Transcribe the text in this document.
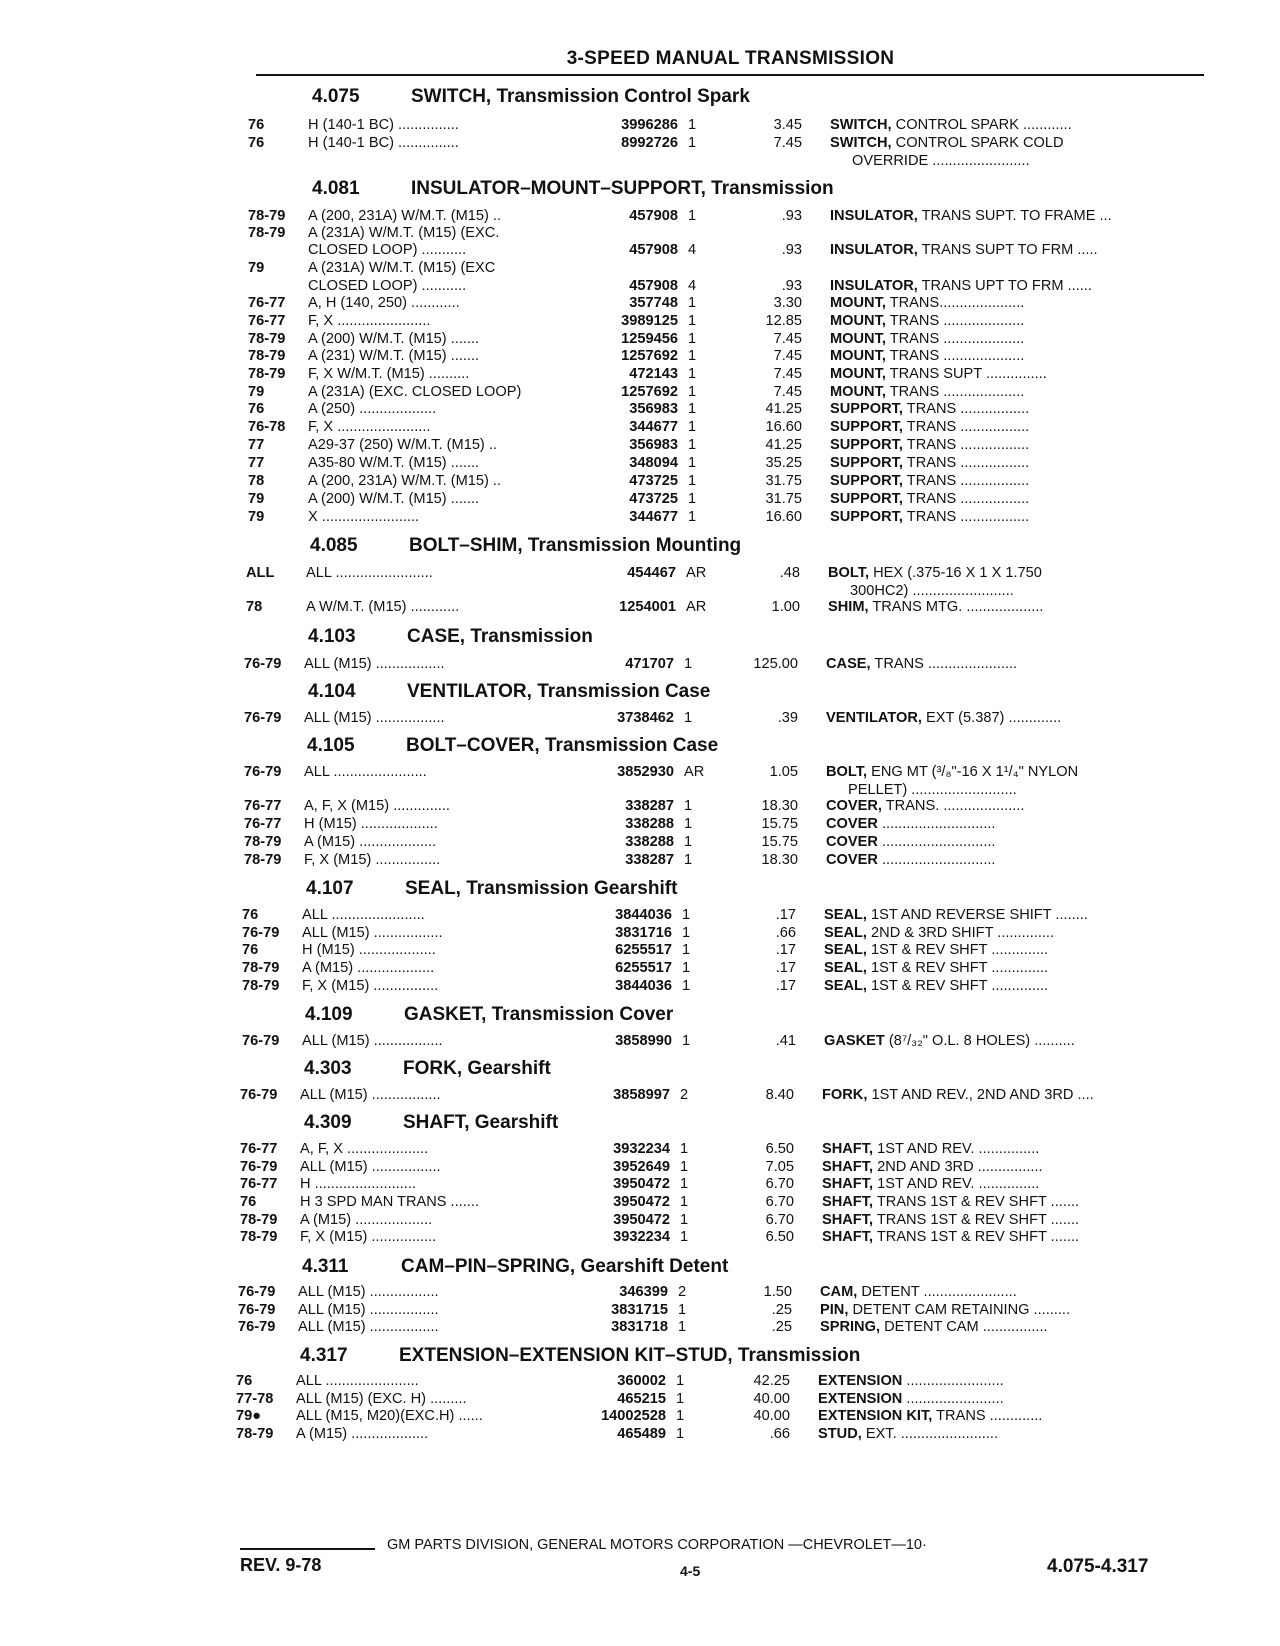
3-SPEED MANUAL TRANSMISSION
4.075	SWITCH, Transmission Control Spark
76	H (140-1 BC) ...............	3996286 1	3.45 SWITCH, CONTROL SPARK ............
76	H (140-1 BC) ...............	8992726 1	7.45 SWITCH, CONTROL SPARK COLD
OVERRIDE ........................
4.081	INSULATOR–MOUNT–SUPPORT, Transmission
78-79	A (200, 231A) W/M.T. (M15) ..	457908 1	.93 INSULATOR, TRANS SUPT. TO FRAME ...
78-79	A (231A) W/M.T. (M15) (EXC.
CLOSED LOOP) ...........	457908 4	.93 INSULATOR, TRANS SUPT TO FRM .....
79	A (231A) W/M.T. (M15) (EXC
CLOSED LOOP) ...........	457908 4	.93 INSULATOR, TRANS UPT TO FRM ......
76-77	A, H (140, 250) ............	357748 1	3.30 MOUNT, TRANS.....................
76-77	F, X .......................	3989125 1	12.85 MOUNT, TRANS ....................
78-79	A (200) W/M.T. (M15) .......	1259456 1	7.45 MOUNT, TRANS ....................
78-79	A (231) W/M.T. (M15) .......	1257692 1	7.45 MOUNT, TRANS ....................
78-79	F, X W/M.T. (M15) ..........	472143 1	7.45 MOUNT, TRANS SUPT ...............
79	A (231A) (EXC. CLOSED LOOP)	1257692 1	7.45 MOUNT, TRANS ....................
76	A (250) ...................	356983 1	41.25 SUPPORT, TRANS .................
76-78	F, X .......................	344677 1	16.60 SUPPORT, TRANS .................
77	A29-37 (250) W/M.T. (M15) ..	356983 1	41.25 SUPPORT, TRANS .................
77	A35-80 W/M.T. (M15) .......	348094 1	35.25 SUPPORT, TRANS .................
78	A (200, 231A) W/M.T. (M15) ..	473725 1	31.75 SUPPORT, TRANS .................
79	A (200) W/M.T. (M15) .......	473725 1	31.75 SUPPORT, TRANS .................
79	X ........................	344677 1	16.60 SUPPORT, TRANS .................
4.085	BOLT–SHIM, Transmission Mounting
ALL	ALL ........................	454467 AR	.48 BOLT, HEX (.375-16 X 1 X 1.750
300HC2) .........................
78	A W/M.T. (M15) ............	1254001 AR	1.00 SHIM, TRANS MTG. ...................
4.103	CASE, Transmission
76-79	ALL (M15) .................	471707 1	125.00 CASE, TRANS ......................
4.104	VENTILATOR, Transmission Case
76-79	ALL (M15) .................	3738462 1	.39 VENTILATOR, EXT (5.387) .............
4.105	BOLT–COVER, Transmission Case
76-79	ALL .......................	3852930 AR	1.05 BOLT, ENG MT (³/₈"-16 X 1¹/₄" NYLON
PELLET) ..........................
76-77	A, F, X (M15) ..............	338287 1	18.30 COVER, TRANS. ....................
76-77	H (M15) ...................	338288 1	15.75 COVER ............................
78-79	A (M15) ...................	338288 1	15.75 COVER ............................
78-79	F, X (M15) ................	338287 1	18.30 COVER ............................
4.107	SEAL, Transmission Gearshift
76	ALL .......................	3844036 1	.17 SEAL, 1ST AND REVERSE SHIFT ........
76-79	ALL (M15) .................	3831716 1	.66 SEAL, 2ND & 3RD SHIFT ..............
76	H (M15) ...................	6255517 1	.17 SEAL, 1ST & REV SHFT ..............
78-79	A (M15) ...................	6255517 1	.17 SEAL, 1ST & REV SHFT ..............
78-79	F, X (M15) ................	3844036 1	.17 SEAL, 1ST & REV SHFT ..............
4.109	GASKET, Transmission Cover
76-79	ALL (M15) .................	3858990 1	.41 GASKET (8⁷/₃₂" O.L. 8 HOLES) ..........
4.303	FORK, Gearshift
76-79	ALL (M15) .................	3858997 2	8.40 FORK, 1ST AND REV., 2ND AND 3RD ....
4.309	SHAFT, Gearshift
76-77	A, F, X ....................	3932234 1	6.50 SHAFT, 1ST AND REV. ...............
76-79	ALL (M15) .................	3952649 1	7.05 SHAFT, 2ND AND 3RD ................
76-77	H .........................	3950472 1	6.70 SHAFT, 1ST AND REV. ...............
76	H 3 SPD MAN TRANS .......	3950472 1	6.70 SHAFT, TRANS 1ST & REV SHFT .......
78-79	A (M15) ...................	3950472 1	6.70 SHAFT, TRANS 1ST & REV SHFT .......
78-79	F, X (M15) ................	3932234 1	6.50 SHAFT, TRANS 1ST & REV SHFT .......
4.311	CAM–PIN–SPRING, Gearshift Detent
76-79	ALL (M15) .................	346399 2	1.50 CAM, DETENT .......................
76-79	ALL (M15) .................	3831715 1	.25 PIN, DETENT CAM RETAINING .........
76-79	ALL (M15) .................	3831718 1	.25 SPRING, DETENT CAM ................
4.317	EXTENSION–EXTENSION KIT–STUD, Transmission
76	ALL .......................	360002 1	42.25 EXTENSION ........................
77-78	ALL (M15) (EXC. H) .........	465215 1	40.00 EXTENSION ........................
79●	ALL (M15, M20)(EXC.H) ......	14002528 1	40.00 EXTENSION KIT, TRANS .............
78-79	A (M15) ...................	465489 1	.66 STUD, EXT. ........................
GM PARTS DIVISION, GENERAL MOTORS CORPORATION —CHEVROLET—10·
REV. 9-78	4-5	4.075-4.317
